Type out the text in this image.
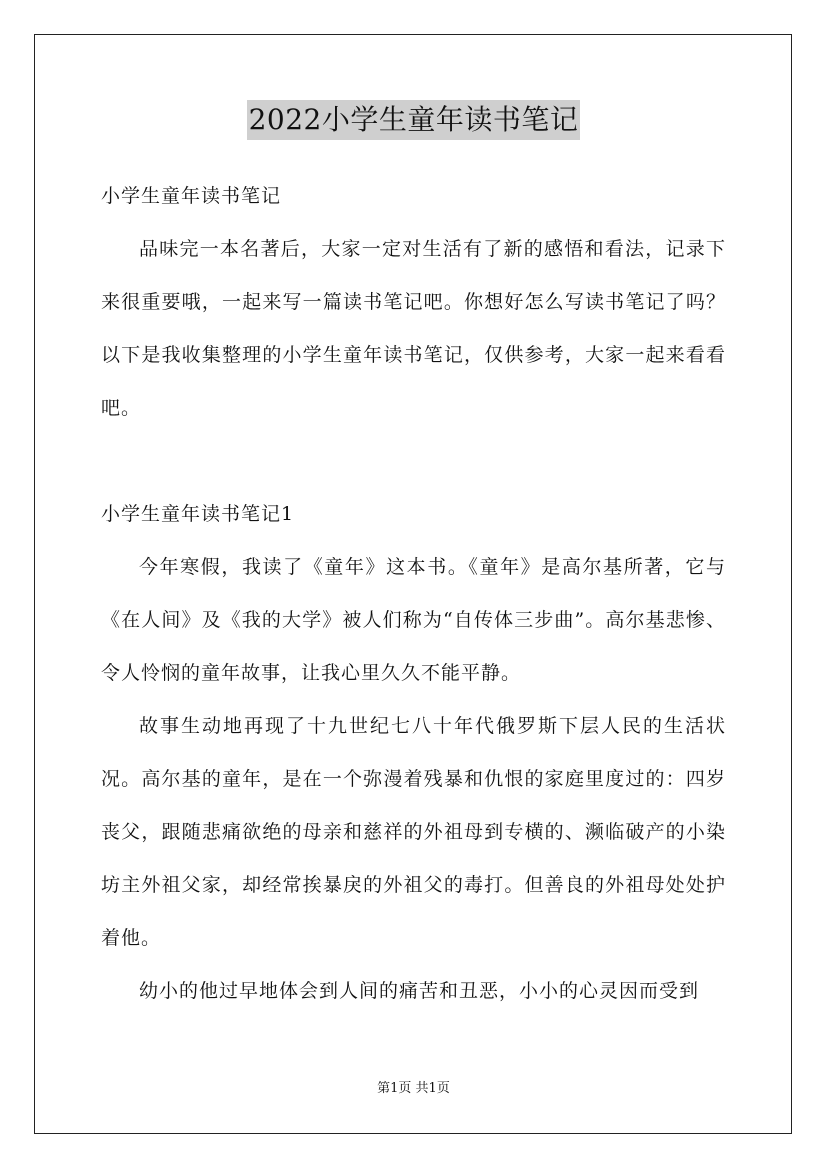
2022小学生童年读书笔记

小学生童年读书笔记

品味完一本名著后，大家一定对生活有了新的感悟和看法，记录下来很重要哦，一起来写一篇读书笔记吧。你想好怎么写读书笔记了吗？以下是我收集整理的小学生童年读书笔记，仅供参考，大家一起来看看吧。

小学生童年读书笔记1

今年寒假，我读了《童年》这本书。《童年》是高尔基所著，它与《在人间》及《我的大学》被人们称为“自传体三步曲”。高尔基悲惨、令人怜悯的童年故事，让我心里久久不能平静。

故事生动地再现了十九世纪七八十年代俄罗斯下层人民的生活状况。高尔基的童年，是在一个弥漫着残暴和仇恨的家庭里度过的：四岁丧父，跟随悲痛欲绝的母亲和慈祥的外祖母到专横的、濒临破产的小染坊主外祖父家，却经常挨暴戾的外祖父的毒打。但善良的外祖母处处护着他。

幼小的他过早地体会到人间的痛苦和丑恶，小小的心灵因而受到

第1页 共1页
